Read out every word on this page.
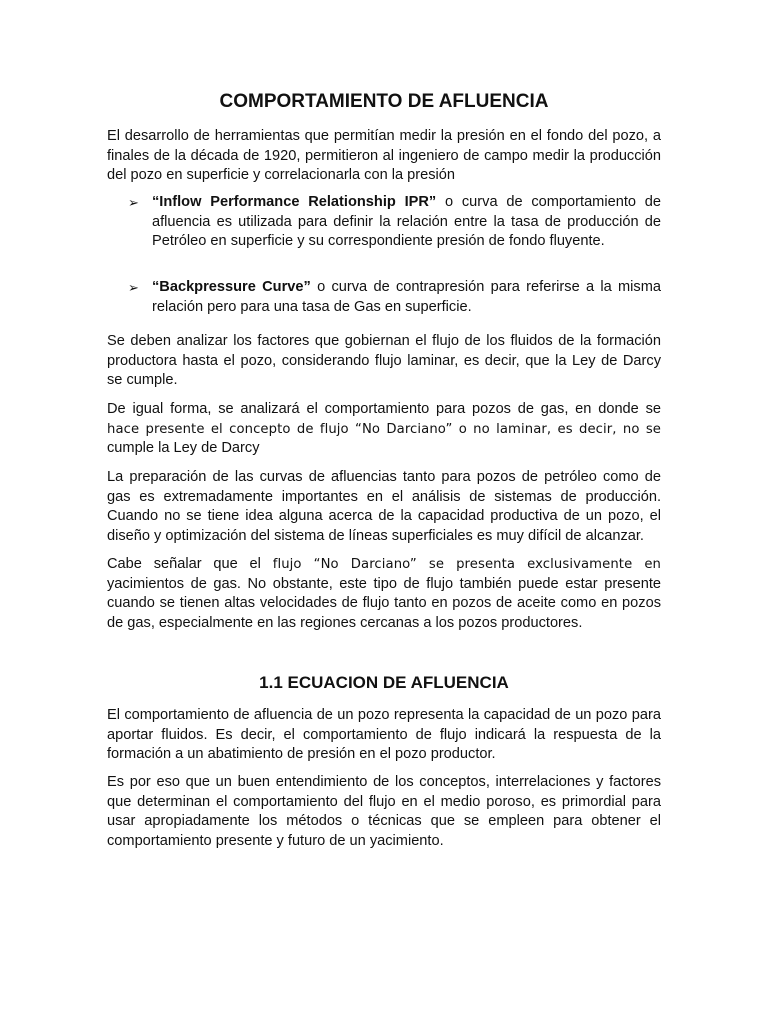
COMPORTAMIENTO DE AFLUENCIA

El desarrollo de herramientas que permitían medir la presión en el fondo del pozo, a finales de la década de 1920, permitieron al ingeniero de campo medir la producción del pozo en superficie y correlacionarla con la presión

➢ “Inflow Performance Relationship IPR” o curva de comportamiento de afluencia es utilizada para definir la relación entre la tasa de producción de Petróleo en superficie y su correspondiente presión de fondo fluyente.
➢ “Backpressure Curve” o curva de contrapresión para referirse a la misma relación pero para una tasa de Gas en superficie.

Se deben analizar los factores que gobiernan el flujo de los fluidos de la formación productora hasta el pozo, considerando flujo laminar, es decir, que la Ley de Darcy se cumple.

De igual forma, se analizará el comportamiento para pozos de gas, en donde se hace presente el concepto de flujo “No Darciano” o no laminar, es decir, no se cumple la Ley de Darcy

La preparación de las curvas de afluencias tanto para pozos de petróleo como de gas es extremadamente importantes en el análisis de sistemas de producción. Cuando no se tiene idea alguna acerca de la capacidad productiva de un pozo, el diseño y optimización del sistema de líneas superficiales es muy difícil de alcanzar.

Cabe señalar que el flujo “No Darciano” se presenta exclusivamente en yacimientos de gas. No obstante, este tipo de flujo también puede estar presente cuando se tienen altas velocidades de flujo tanto en pozos de aceite como en pozos de gas, especialmente en las regiones cercanas a los pozos productores.

1.1 ECUACION DE AFLUENCIA

El comportamiento de afluencia de un pozo representa la capacidad de un pozo para aportar fluidos. Es decir, el comportamiento de flujo indicará la respuesta de la formación a un abatimiento de presión en el pozo productor.

Es por eso que un buen entendimiento de los conceptos, interrelaciones y factores que determinan el comportamiento del flujo en el medio poroso, es primordial para usar apropiadamente los métodos o técnicas que se empleen para obtener el comportamiento presente y futuro de un yacimiento.
